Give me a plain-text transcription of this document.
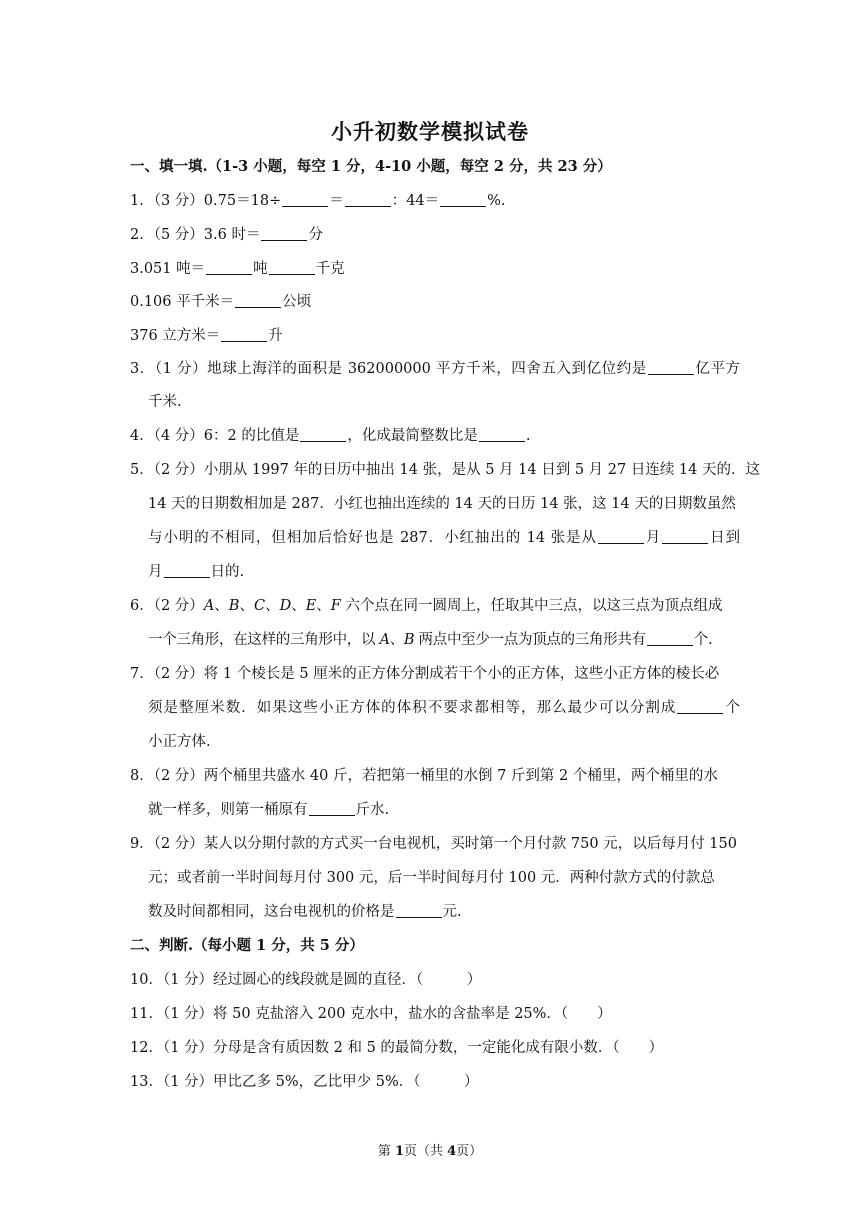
小升初数学模拟试卷
一、填一填.（1-3 小题，每空 1 分，4-10 小题，每空 2 分，共 23 分）
1．（3 分）0.75＝18÷	＝	：44＝	%.
2．（5 分）3.6 时＝	分
3.051 吨＝	吨	千克
0.106 平千米＝	公顷
376 立方米＝	升
3．（1 分）地球上海洋的面积是 362000000 平方千米，四舍五入到亿位约是	亿平方
千米.
4．（4 分）6：2 的比值是	，化成最简整数比是	.
5．（2 分）小朋从 1997 年的日历中抽出 14 张，是从 5 月 14 日到 5 月 27 日连续 14 天的．这
14 天的日期数相加是 287．小红也抽出连续的 14 天的日历 14 张，这 14 天的日期数虽然
与小明的不相同，但相加后恰好也是 287．小红抽出的 14 张是从	月	日到
月	日的.
6．（2 分）A、B、C、D、E、F 六个点在同一圆周上，任取其中三点，以这三点为顶点组成
一个三角形，在这样的三角形中，以 A、B 两点中至少一点为顶点的三角形共有	个.
7．（2 分）将 1 个棱长是 5 厘米的正方体分割成若干个小的正方体，这些小正方体的棱长必
须是整厘米数．如果这些小正方体的体积不要求都相等，那么最少可以分割成	个
小正方体.
8．（2 分）两个桶里共盛水 40 斤，若把第一桶里的水倒 7 斤到第 2 个桶里，两个桶里的水
就一样多，则第一桶原有	斤水.
9．（2 分）某人以分期付款的方式买一台电视机，买时第一个月付款 750 元，以后每月付 150
元；或者前一半时间每月付 300 元，后一半时间每月付 100 元．两种付款方式的付款总
数及时间都相同，这台电视机的价格是	元.
二、判断.（每小题 1 分，共 5 分）
10．（1 分）经过圆心的线段就是圆的直径．（　　　）
11．（1 分）将 50 克盐溶入 200 克水中，盐水的含盐率是 25%．（　　）
12．（1 分）分母是含有质因数 2 和 5 的最简分数，一定能化成有限小数．（　　）
13．（1 分）甲比乙多 5%，乙比甲少 5%．（　　　）
第 1页（共 4页）
